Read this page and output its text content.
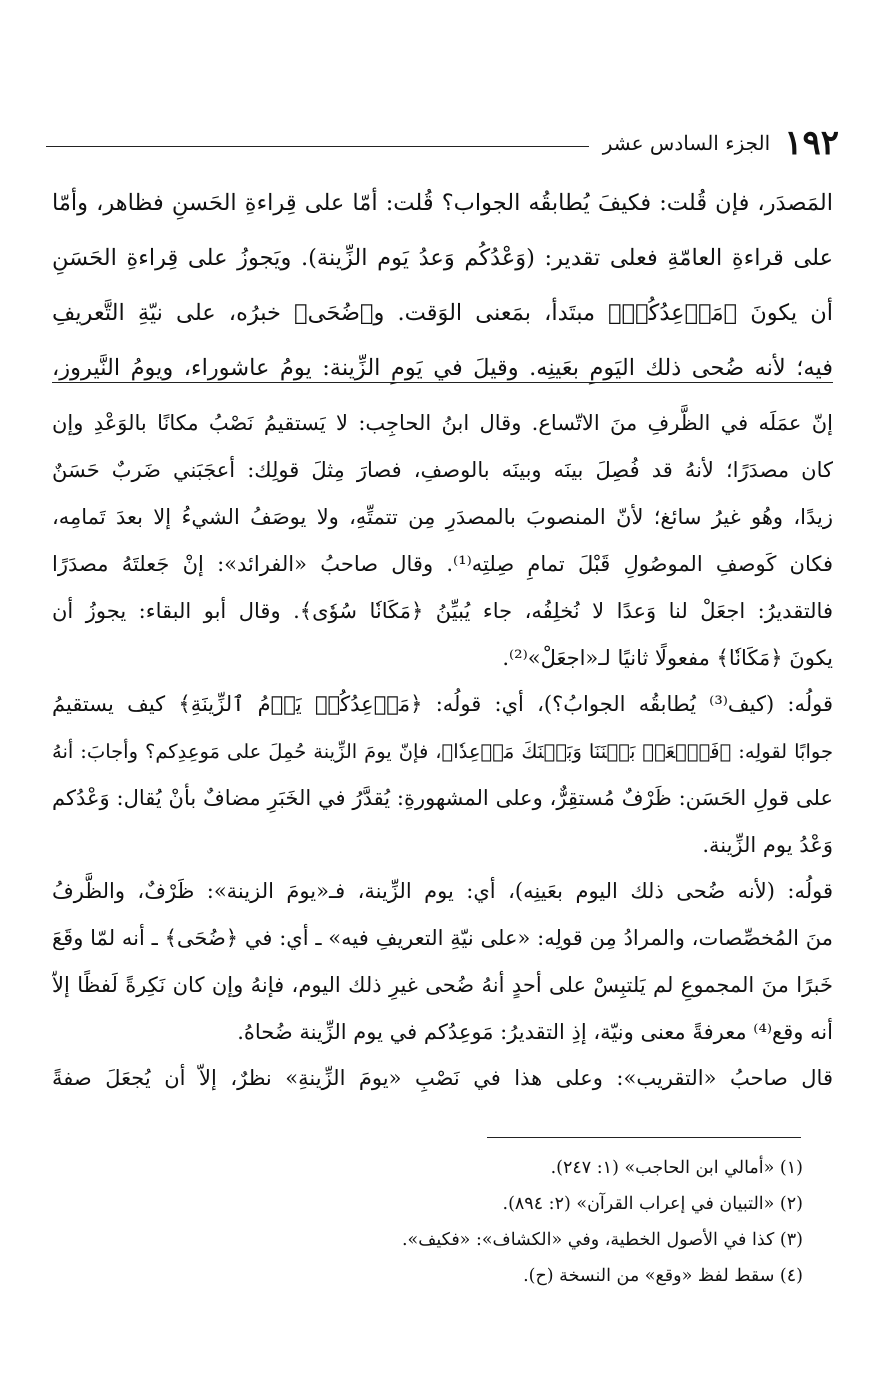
١٩٢
الجزء السادس عشر
المَصدَر، فإن قُلت: فكيفَ يُطابقُه الجواب؟ قُلت: أمّا على قِراءةِ الحَسنِ فظاهر، وأمّا
على قراءةِ العامّةِ فعلى تقدير: (وَعْدُكُم وَعدُ يَوم الزِّينة). ويَجوزُ على قِراءةِ الحَسَنِ
أن يكونَ ﴿مَوۡعِدُكُمۡ﴾ مبتَدأ، بمَعنى الوَقت. و﴿ضُحَى﴾ خبرُه، على نيّةِ التَّعريفِ
فيه؛ لأنه ضُحى ذلك اليَومِ بعَينِه. وقيلَ في يَومِ الزِّينة: يومُ عاشوراء، ويومُ النَّيروز،
إنّ عمَلَه في الظَّرفِ منَ الاتّساع. وقال ابنُ الحاجِب: لا يَستقيمُ نَصْبُ مكانًا بالوَعْدِ وإن
كان مصدَرًا؛ لأنهُ قد فُصِلَ بينَه وبينَه بالوصفِ، فصارَ مِثلَ قولِك: أعجَبَني ضَربٌ حَسَنٌ
زيدًا، وهُو غيرُ سائغ؛ لأنّ المنصوبَ بالمصدَرِ مِن تتمتِّهِ، ولا يوصَفُ الشيءُ إلا بعدَ تَمامِه،
فكان كَوصفِ الموصُولِ قَبْلَ تمامِ صِلتِه⁽¹⁾. وقال صاحبُ «الفرائد»: إنْ جَعلتَهُ مصدَرًا
فالتقديرُ: اجعَلْ لنا وَعدًا لا نُخلِفُه، جاء يُبيِّنُ ﴿مَكَانٗا سُوٗى﴾. وقال أبو البقاء: يجوزُ أن
يكونَ ﴿مَكَانٗا﴾ مفعولًا ثانيًا لـ«اجعَلْ»⁽²⁾.
قولُه: (كيف⁽³⁾ يُطابقُه الجوابُ؟)، أي: قولُه: ﴿مَوۡعِدُكُمۡ يَوۡمُ ٱلزِّينَةِ﴾ كيف يستقيمُ
جوابًا لقولِه: ﴿فَٱجۡعَلۡ بَيۡنَنَا وَبَيۡنَكَ مَوۡعِدٗا﴾، فإنّ يومَ الزِّينة حُمِلَ على مَوعِدِكم؟ وأجابَ: أنهُ
على قولِ الحَسَن: ظَرْفٌ مُستقِرٌّ، وعلى المشهورةِ: يُقدَّرُ في الخَبَرِ مضافٌ بأنْ يُقال: وَعْدُكم
وَعْدُ يوم الزِّينة.
قولُه: (لأنه ضُحى ذلك اليوم بعَينِه)، أي: يوم الزِّينة، فـ«يومَ الزينة»: ظَرْفٌ، والظَّرفُ
منَ المُخصِّصات، والمرادُ مِن قولِه: «على نيّةِ التعريفِ فيه» ـ أي: في ﴿ضُحَى﴾ ـ أنه لمّا وقَعَ
خَبرًا منَ المجموعِ لم يَلتبِسْ على أحدٍ أنهُ ضُحى غيرِ ذلك اليوم، فإنهُ وإن كان نَكِرةً لَفظًا إلاّ
أنه وقع⁽⁴⁾ معرفةً معنى ونيّة، إذِ التقديرُ: مَوعِدُكم في يوم الزِّينة ضُحاهُ.
قال صاحبُ «التقريب»: وعلى هذا في نَصْبِ «يومَ الزِّينةِ» نظرٌ، إلاّ أن يُجعَلَ صفةً
(١) «أمالي ابن الحاجب» (١: ٢٤٧).
(٢) «التبيان في إعراب القرآن» (٢: ٨٩٤).
(٣) كذا في الأصول الخطية، وفي «الكشاف»: «فكيف».
(٤) سقط لفظ «وقع» من النسخة (ح).
